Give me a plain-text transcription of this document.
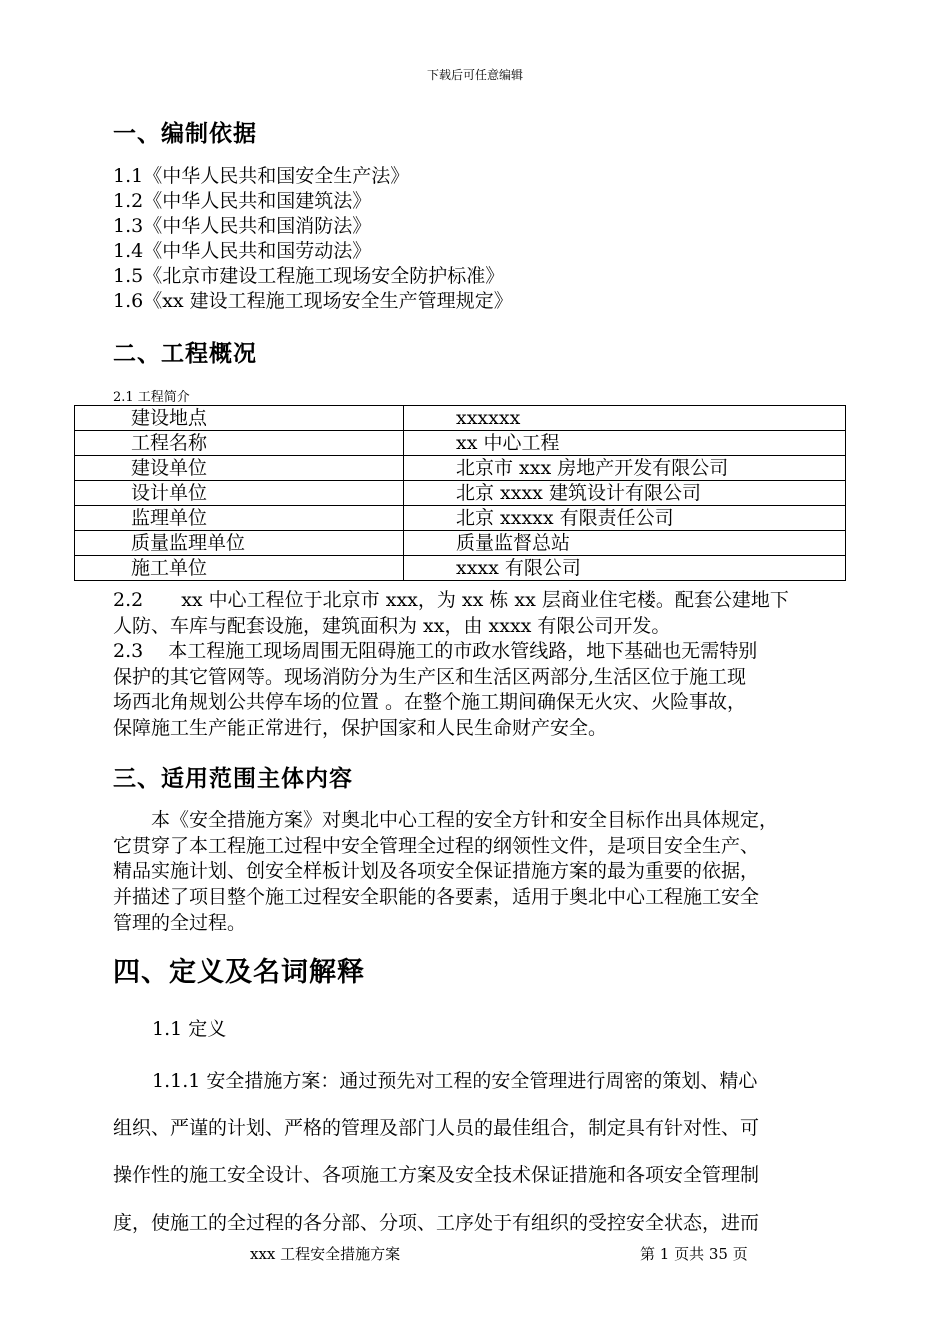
下载后可任意编辑
一、编制依据
1.1《中华人民共和国安全生产法》
1.2《中华人民共和国建筑法》
1.3《中华人民共和国消防法》
1.4《中华人民共和国劳动法》
1.5《北京市建设工程施工现场安全防护标准》
1.6《xx 建设工程施工现场安全生产管理规定》
二、工程概况
2.1 工程简介
建设地点	xxxxxx
工程名称	xx 中心工程
建设单位	北京市 xxx 房地产开发有限公司
设计单位	北京 xxxx 建筑设计有限公司
监理单位	北京 xxxxx 有限责任公司
质量监理单位	质量监督总站
施工单位	xxxx 有限公司
2.2　　xx 中心工程位于北京市 xxx，为 xx 栋 xx 层商业住宅楼。配套公建地下
人防、车库与配套设施，建筑面积为 xx，由 xxxx 有限公司开发。
2.3　 本工程施工现场周围无阻碍施工的市政水管线路，地下基础也无需特别
保护的其它管网等。现场消防分为生产区和生活区两部分,生活区位于施工现
场西北角规划公共停车场的位置 。在整个施工期间确保无火灾、火险事故，
保障施工生产能正常进行，保护国家和人民生命财产安全。
三、适用范围主体内容
　　本《安全措施方案》对奥北中心工程的安全方针和安全目标作出具体规定，
它贯穿了本工程施工过程中安全管理全过程的纲领性文件，是项目安全生产、
精品实施计划、创安全样板计划及各项安全保证措施方案的最为重要的依据，
并描述了项目整个施工过程安全职能的各要素，适用于奥北中心工程施工安全
管理的全过程。
四、定义及名词解释
1.1 定义
1.1.1 安全措施方案：通过预先对工程的安全管理进行周密的策划、精心
组织、严谨的计划、严格的管理及部门人员的最佳组合，制定具有针对性、可
操作性的施工安全设计、各项施工方案及安全技术保证措施和各项安全管理制
度，使施工的全过程的各分部、分项、工序处于有组织的受控安全状态，进而
xxx 工程安全措施方案	第 1 页共 35 页
